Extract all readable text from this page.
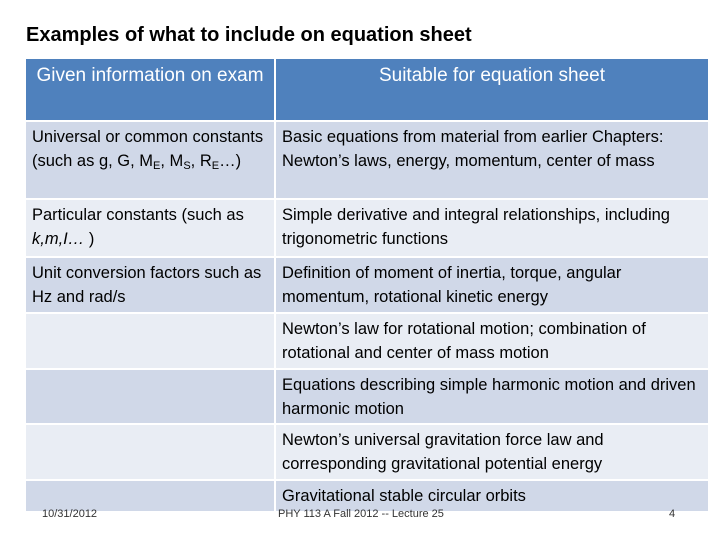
Examples of what to include on equation sheet
Given information on exam	Suitable for equation sheet
Universal or common constants (such as g, G, $M_E$, $M_S$, $R_E\dots$)	Basic equations from material from earlier Chapters: Newton’s laws, energy, momentum, center of mass
Particular constants (such as k,m,I… )	Simple derivative and integral relationships, including trigonometric functions
Unit conversion factors such as Hz and rad/s	Definition of moment of inertia, torque, angular momentum, rotational kinetic energy
	Newton’s law for rotational motion; combination of rotational and center of mass motion
	Equations describing simple harmonic motion and driven harmonic motion
	Newton’s universal gravitation force law and corresponding gravitational potential energy
	Gravitational stable circular orbits
10/31/2012	PHY 113 A Fall 2012 -- Lecture 25	4
